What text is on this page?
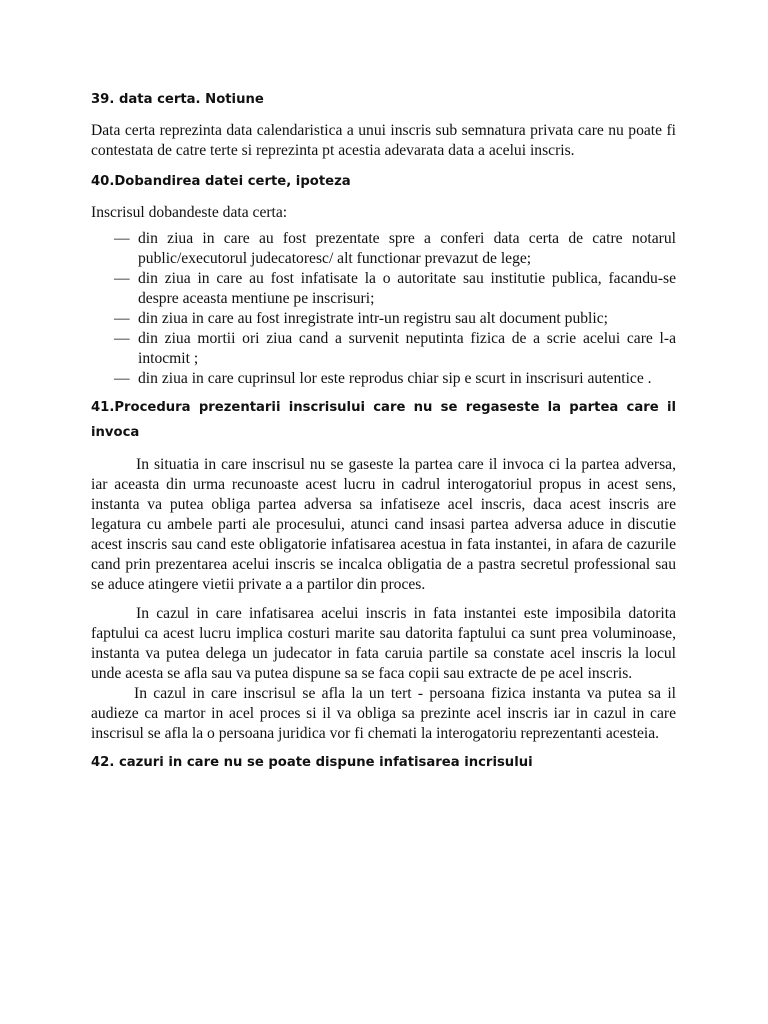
39. data certa. Notiune

Data certa reprezinta data calendaristica a unui inscris sub semnatura privata care nu poate fi contestata de catre terte si reprezinta pt acestia adevarata data a acelui inscris.

40.Dobandirea datei certe, ipoteza

Inscrisul dobandeste data certa:

— din ziua in care au fost prezentate spre a conferi data certa de catre notarul public/executorul judecatoresc/ alt functionar prevazut de lege;
— din ziua in care au fost infatisate la o autoritate sau institutie publica, facandu-se despre aceasta mentiune pe inscrisuri;
— din ziua in care au fost inregistrate intr-un registru sau alt document public;
— din ziua mortii ori ziua cand a survenit neputinta fizica de a scrie acelui care l-a intocmit ;
— din ziua in care cuprinsul lor este reprodus chiar sip e scurt in inscrisuri autentice .
41.Procedura prezentarii inscrisului care nu se regaseste la partea care il invoca

In situatia in care inscrisul nu se gaseste la partea care il invoca ci la partea adversa, iar aceasta din urma recunoaste acest lucru in cadrul interogatoriul propus in acest sens, instanta va putea obliga partea adversa sa infatiseze acel inscris, daca acest inscris are legatura cu ambele parti ale procesului, atunci cand insasi partea adversa aduce in discutie acest inscris sau cand este obligatorie infatisarea acestua in fata instantei, in afara de cazurile cand prin prezentarea acelui inscris se incalca obligatia de a pastra secretul professional sau se aduce atingere vietii private a a partilor din proces.

In cazul in care infatisarea acelui inscris in fata instantei este imposibila datorita faptului ca acest lucru implica costuri marite sau datorita faptului ca sunt prea voluminoase, instanta va putea delega un judecator in fata caruia partile sa constate acel inscris la locul unde acesta se afla sau va putea dispune sa se faca copii sau extracte de pe acel inscris.

In cazul in care inscrisul se afla la un tert - persoana fizica instanta va putea sa il audieze ca martor in acel proces si il va obliga sa prezinte acel inscris iar in cazul in care inscrisul se afla la o persoana juridica vor fi chemati la interogatoriu reprezentanti acesteia.

42. cazuri in care nu se poate dispune infatisarea incrisului
